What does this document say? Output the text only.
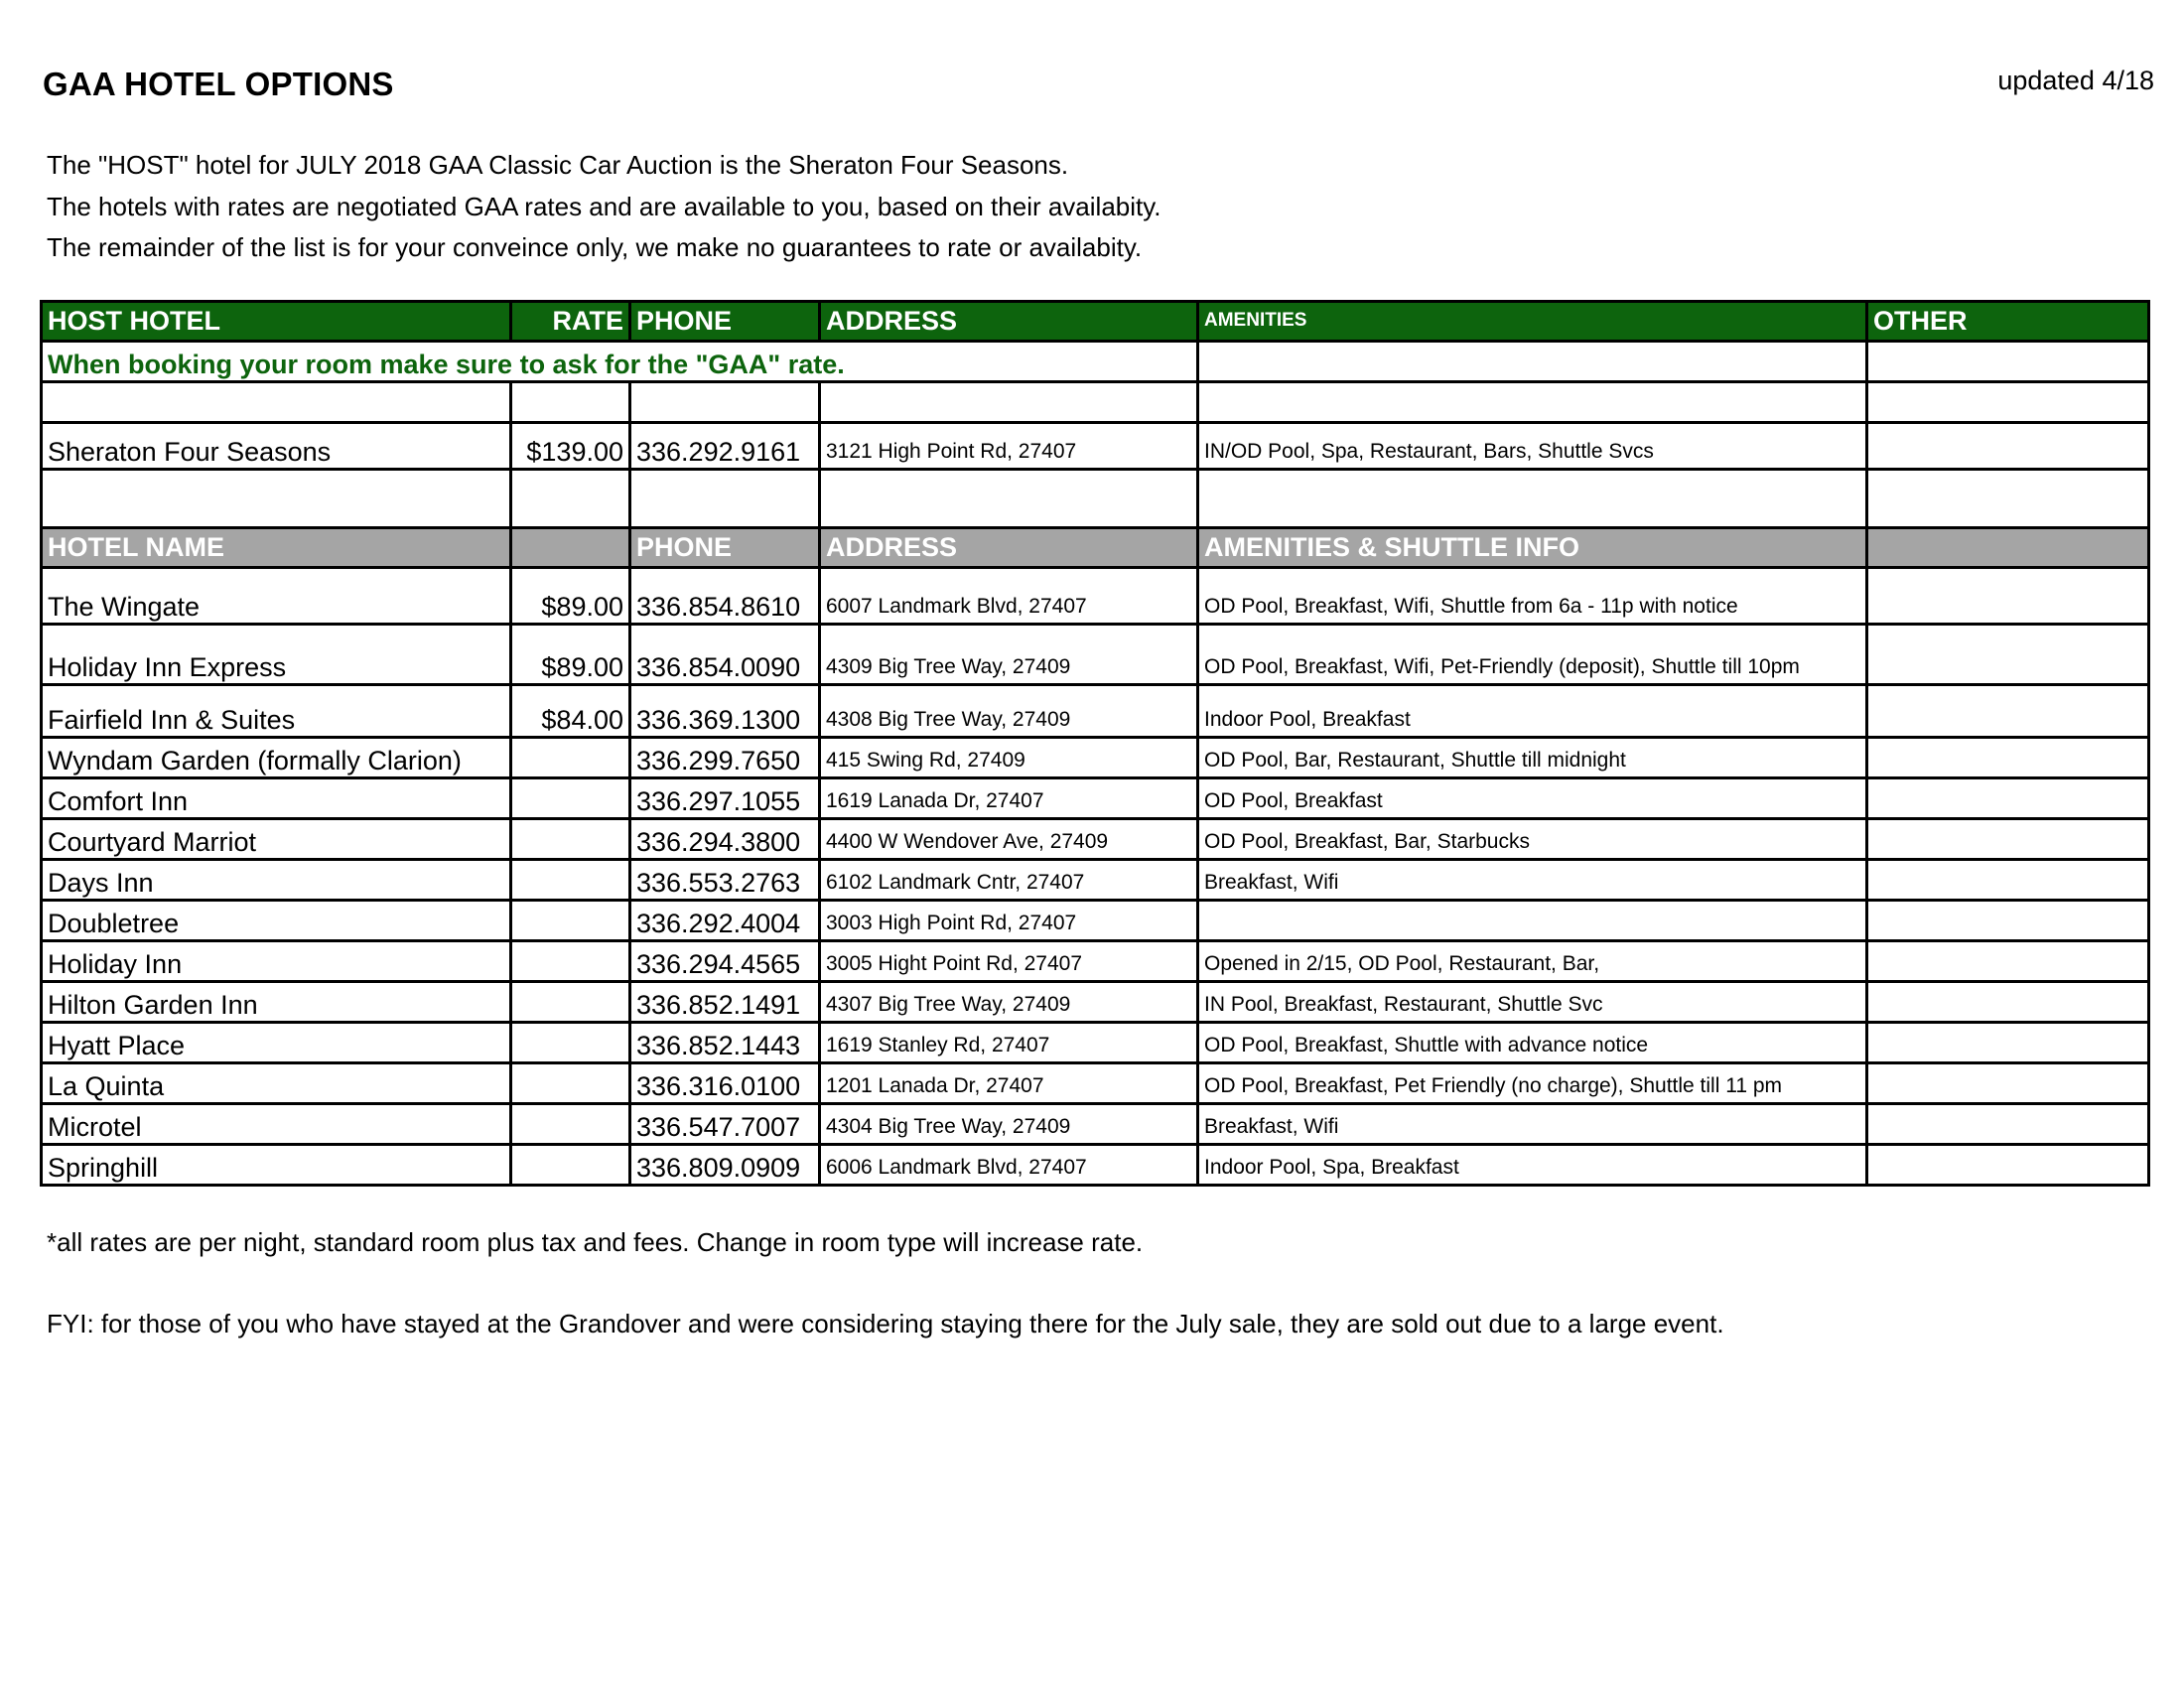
GAA HOTEL OPTIONS	updated 4/18
The "HOST" hotel for JULY 2018 GAA Classic Car Auction is the Sheraton Four Seasons.
The hotels with rates are negotiated GAA rates and are available to you, based on their availabity.
The remainder of the list is for your conveince only, we make no guarantees to rate or availabity.
HOST HOTEL	RATE	PHONE	ADDRESS	AMENITIES	OTHER
When booking your room make sure to ask for the "GAA" rate.					

Sheraton Four Seasons	$139.00	336.292.9161	3121 High Point Rd, 27407	IN/OD Pool, Spa, Restaurant, Bars, Shuttle Svcs	

HOTEL NAME		PHONE	ADDRESS	AMENITIES & SHUTTLE INFO	
The Wingate	$89.00	336.854.8610	6007 Landmark Blvd, 27407	OD Pool, Breakfast, Wifi, Shuttle from 6a - 11p with notice	
Holiday Inn Express	$89.00	336.854.0090	4309 Big Tree Way, 27409	OD Pool, Breakfast, Wifi, Pet-Friendly (deposit), Shuttle till 10pm	
Fairfield Inn & Suites	$84.00	336.369.1300	4308 Big Tree Way, 27409	Indoor Pool, Breakfast	
Wyndam Garden (formally Clarion)		336.299.7650	415 Swing Rd, 27409	OD Pool, Bar, Restaurant, Shuttle till midnight	
Comfort Inn		336.297.1055	1619 Lanada Dr, 27407	OD Pool, Breakfast	
Courtyard Marriot		336.294.3800	4400 W Wendover Ave, 27409	OD Pool, Breakfast, Bar, Starbucks	
Days Inn		336.553.2763	6102 Landmark Cntr, 27407	Breakfast, Wifi	
Doubletree		336.292.4004	3003 High Point Rd, 27407		
Holiday Inn		336.294.4565	3005 Hight Point Rd, 27407	Opened in 2/15, OD Pool, Restaurant, Bar,	
Hilton Garden Inn		336.852.1491	4307 Big Tree Way, 27409	IN Pool, Breakfast, Restaurant, Shuttle Svc	
Hyatt Place		336.852.1443	1619 Stanley Rd, 27407	OD Pool, Breakfast, Shuttle with advance notice	
La Quinta		336.316.0100	1201 Lanada Dr, 27407	OD Pool, Breakfast, Pet Friendly (no charge), Shuttle till 11 pm	
Microtel		336.547.7007	4304 Big Tree Way, 27409	Breakfast, Wifi	
Springhill		336.809.0909	6006 Landmark Blvd, 27407	Indoor Pool, Spa, Breakfast	
*all rates are per night, standard room plus tax and fees. Change in room type will increase rate.
FYI: for those of you who have stayed at the Grandover and were considering staying there for the July sale, they are sold out due to a large event.
